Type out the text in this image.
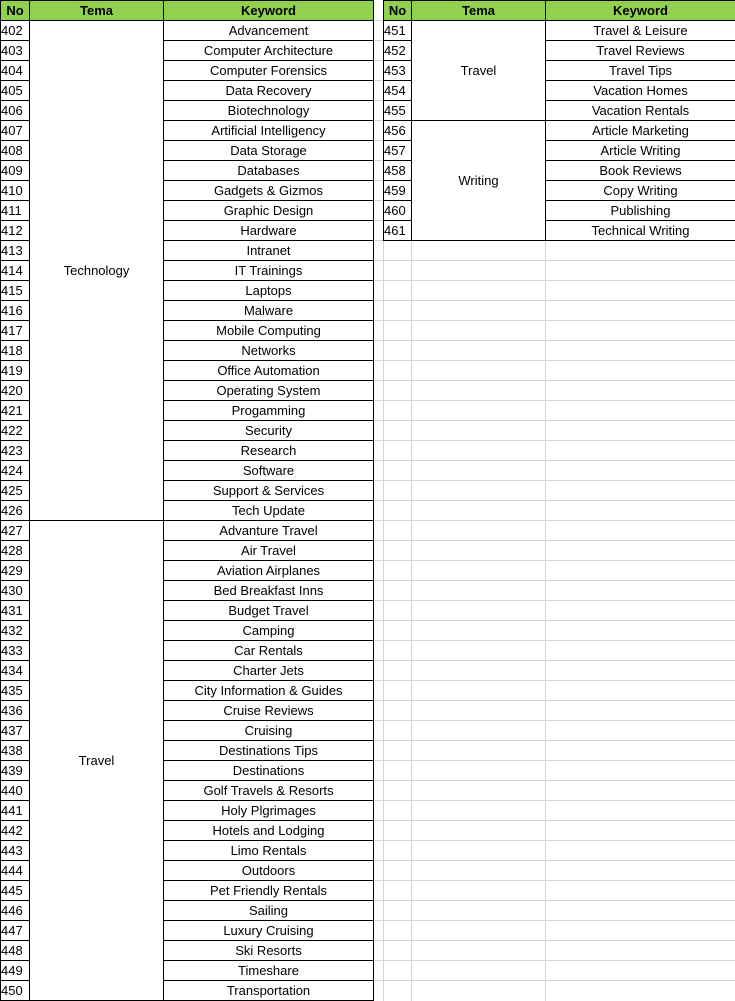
No	Tema	Keyword
402	Technology	Advancement
403		Computer Architecture
404		Computer Forensics
405		Data Recovery
406		Biotechnology
407		Artificial Intelligency
408		Data Storage
409		Databases
410		Gadgets & Gizmos
411		Graphic Design
412		Hardware
413		Intranet
414		IT Trainings
415		Laptops
416		Malware
417		Mobile Computing
418		Networks
419		Office Automation
420		Operating System
421		Progamming
422		Security
423		Research
424		Software
425		Support & Services
426		Tech Update
427	Travel	Advanture Travel
428		Air Travel
429		Aviation Airplanes
430		Bed Breakfast Inns
431		Budget Travel
432		Camping
433		Car Rentals
434		Charter Jets
435		City Information & Guides
436		Cruise Reviews
437		Cruising
438		Destinations Tips
439		Destinations
440		Golf Travels & Resorts
441		Holy Plgrimages
442		Hotels and Lodging
443		Limo Rentals
444		Outdoors
445		Pet Friendly Rentals
446		Sailing
447		Luxury Cruising
448		Ski Resorts
449		Timeshare
450		Transportation
No	Tema	Keyword
451	Travel	Travel & Leisure
452		Travel Reviews
453		Travel Tips
454		Vacation Homes
455		Vacation Rentals
456	Writing	Article Marketing
457		Article Writing
458		Book Reviews
459		Copy Writing
460		Publishing
461		Technical Writing
